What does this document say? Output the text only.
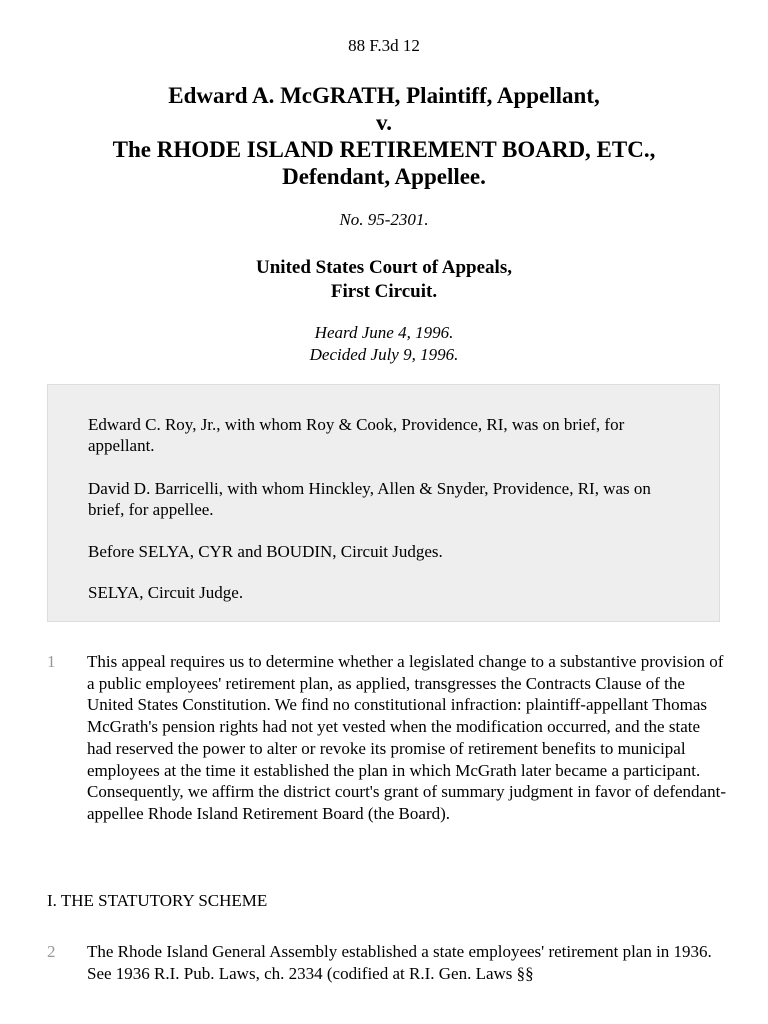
88 F.3d 12
Edward A. McGRATH, Plaintiff, Appellant,
v.
The RHODE ISLAND RETIREMENT BOARD, ETC.,
Defendant, Appellee.
No. 95-2301.
United States Court of Appeals,
First Circuit.
Heard June 4, 1996.
Decided July 9, 1996.

Edward C. Roy, Jr., with whom Roy & Cook, Providence, RI, was on brief, for appellant.

David D. Barricelli, with whom Hinckley, Allen & Snyder, Providence, RI, was on brief, for appellee.

Before SELYA, CYR and BOUDIN, Circuit Judges.

SELYA, Circuit Judge.

1 This appeal requires us to determine whether a legislated change to a substantive provision of a public employees' retirement plan, as applied, transgresses the Contracts Clause of the United States Constitution. We find no constitutional infraction: plaintiff-appellant Thomas McGrath's pension rights had not yet vested when the modification occurred, and the state had reserved the power to alter or revoke its promise of retirement benefits to municipal employees at the time it established the plan in which McGrath later became a participant. Consequently, we affirm the district court's grant of summary judgment in favor of defendant-appellee Rhode Island Retirement Board (the Board).

I. THE STATUTORY SCHEME

2 The Rhode Island General Assembly established a state employees' retirement plan in 1936. See 1936 R.I. Pub. Laws, ch. 2334 (codified at R.I. Gen. Laws §§
